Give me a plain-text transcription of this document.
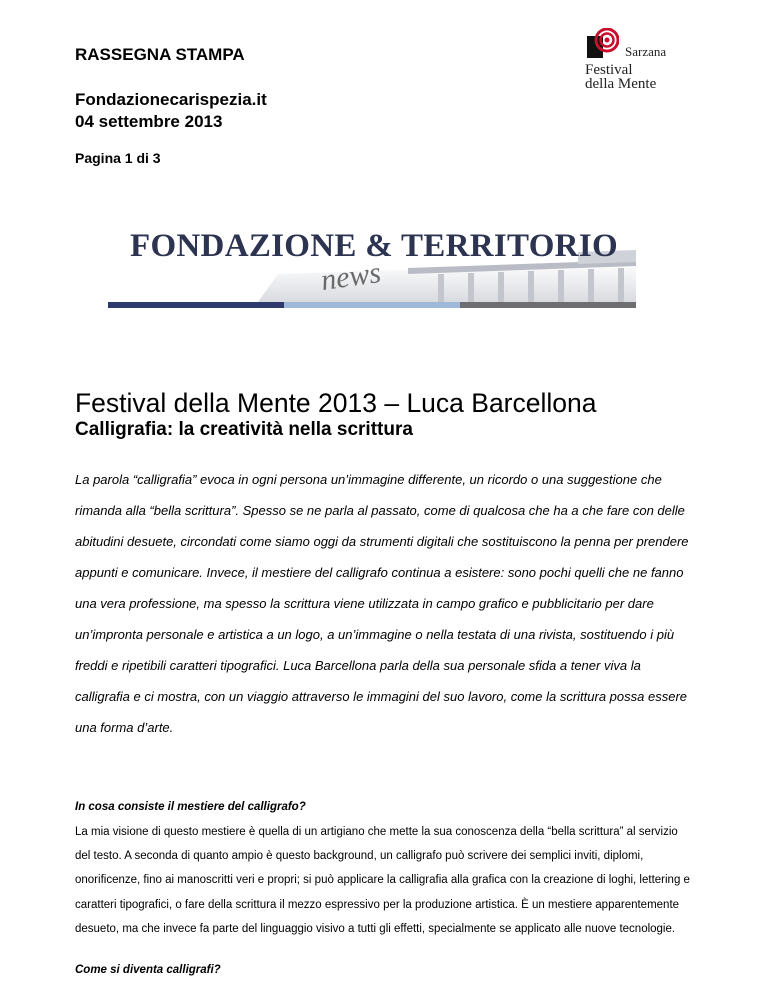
RASSEGNA STAMPA
Fondazionecarispezia.it
04 settembre 2013
Pagina 1 di 3
Sarzana
Festival
della Mente
FONDAZIONE & TERRITORIO
news
Festival della Mente 2013 – Luca Barcellona
Calligrafia: la creatività nella scrittura

La parola “calligrafia” evoca in ogni persona un’immagine differente, un ricordo o una suggestione che rimanda alla “bella scrittura”. Spesso se ne parla al passato, come di qualcosa che ha a che fare con delle abitudini desuete, circondati come siamo oggi da strumenti digitali che sostituiscono la penna per prendere appunti e comunicare. Invece, il mestiere del calligrafo continua a esistere: sono pochi quelli che ne fanno una vera professione, ma spesso la scrittura viene utilizzata in campo grafico e pubblicitario per dare un’impronta personale e artistica a un logo, a un’immagine o nella testata di una rivista, sostituendo i più freddi e ripetibili caratteri tipografici. Luca Barcellona parla della sua personale sfida a tener viva la calligrafia e ci mostra, con un viaggio attraverso le immagini del suo lavoro, come la scrittura possa essere una forma d’arte.

In cosa consiste il mestiere del calligrafo?

La mia visione di questo mestiere è quella di un artigiano che mette la sua conoscenza della “bella scrittura” al servizio del testo. A seconda di quanto ampio è questo background, un calligrafo può scrivere dei semplici inviti, diplomi, onorificenze, fino ai manoscritti veri e propri; si può applicare la calligrafia alla grafica con la creazione di loghi, lettering e caratteri tipografici, o fare della scrittura il mezzo espressivo per la produzione artistica. È un mestiere apparentemente desueto, ma che invece fa parte del linguaggio visivo a tutti gli effetti, specialmente se applicato alle nuove tecnologie.

Come si diventa calligrafi?
